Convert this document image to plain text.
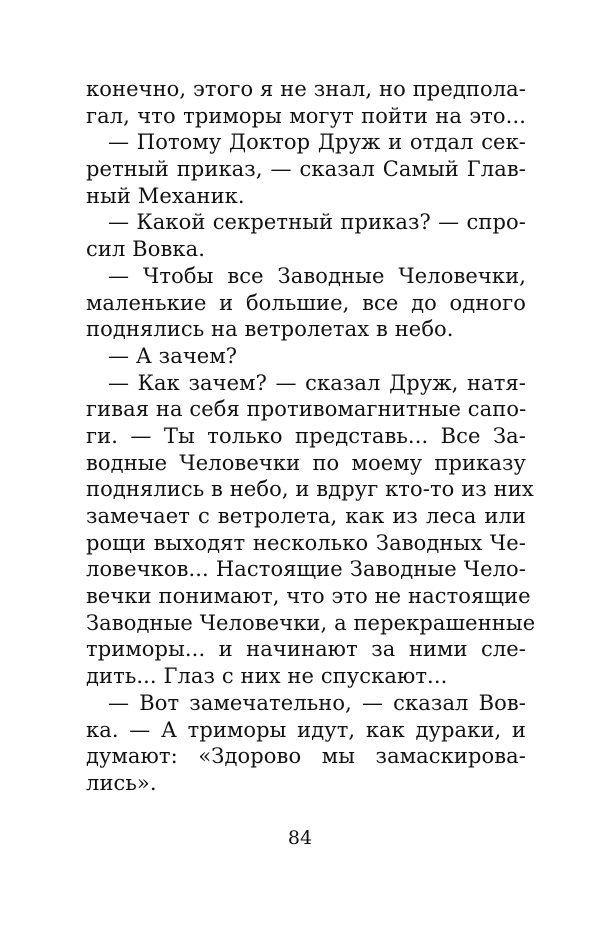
конечно, этого я не знал, но предпола-
гал, что триморы могут пойти на это...
— Потому Доктор Друж и отдал сек-
ретный приказ, — сказал Самый Глав-
ный Механик.
— Какой секретный приказ? — спро-
сил Вовка.
— Чтобы все Заводные Человечки,
маленькие и большие, все до одного
поднялись на ветролетах в небо.
— А зачем?
— Как зачем? — сказал Друж, натя-
гивая на себя противомагнитные сапо-
ги. — Ты только представь... Все За-
водные Человечки по моему приказу
поднялись в небо, и вдруг кто-то из них
замечает с ветролета, как из леса или
рощи выходят несколько Заводных Че-
ловечков... Настоящие Заводные Чело-
вечки понимают, что это не настоящие
Заводные Человечки, а перекрашенные
триморы... и начинают за ними сле-
дить... Глаз с них не спускают...
— Вот замечательно, — сказал Вов-
ка. — А триморы идут, как дураки, и
думают: «Здорово мы замаскирова-
лись».
84
